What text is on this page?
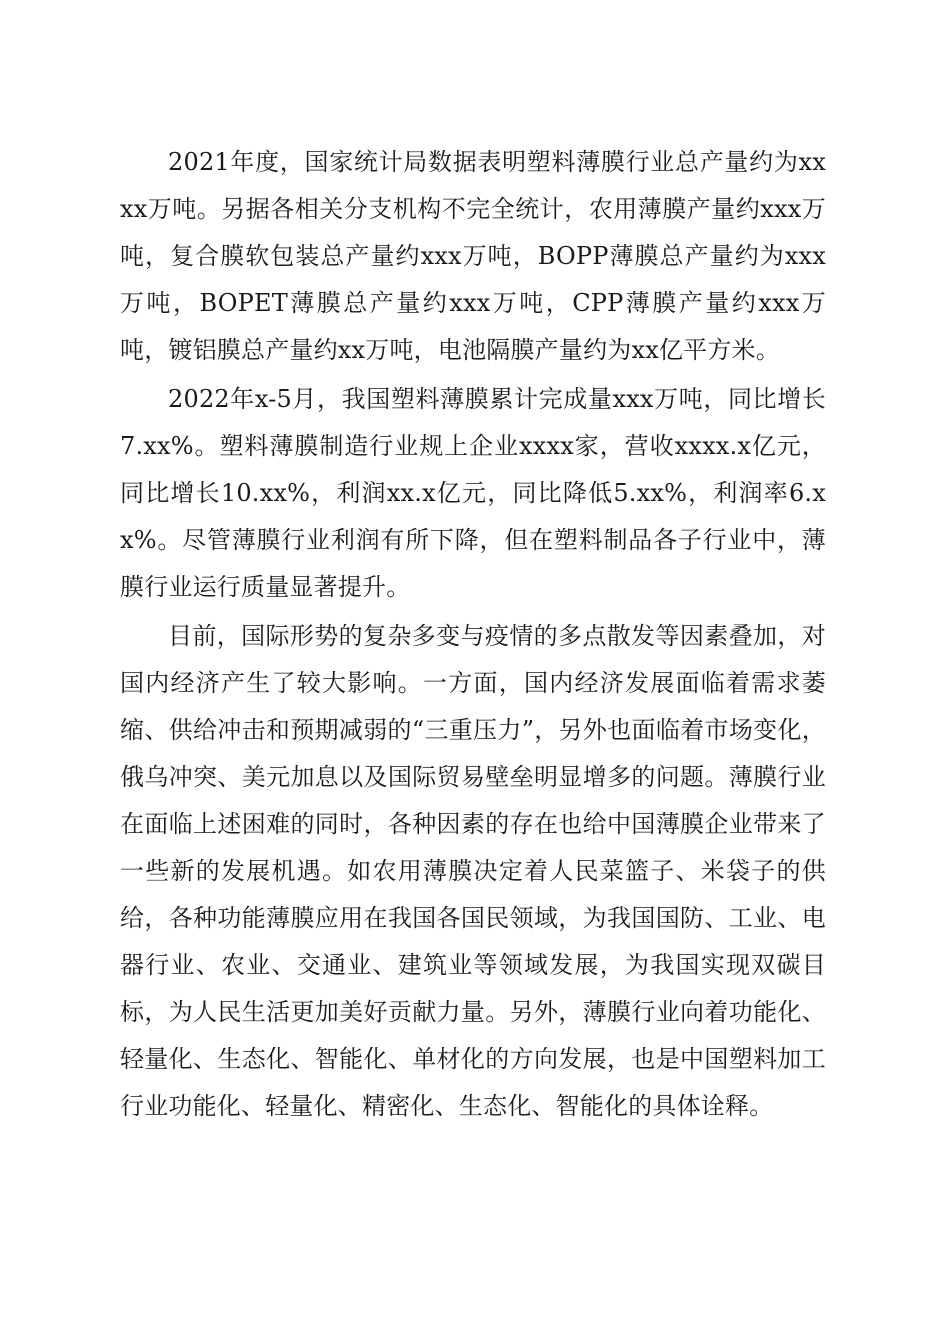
2021年度，国家统计局数据表明塑料薄膜行业总产量约为xxxx万吨。另据各相关分支机构不完全统计，农用薄膜产量约xxx万吨，复合膜软包装总产量约xxx万吨，BOPP薄膜总产量约为xxx万吨，BOPET薄膜总产量约xxx万吨，CPP薄膜产量约xxx万吨，镀铝膜总产量约xx万吨，电池隔膜产量约为xx亿平方米。

2022年x-5月，我国塑料薄膜累计完成量xxx万吨，同比增长7.xx%。塑料薄膜制造行业规上企业xxxx家，营收xxxx.x亿元，同比增长10.xx%，利润xx.x亿元，同比降低5.xx%，利润率6.xx%。尽管薄膜行业利润有所下降，但在塑料制品各子行业中，薄膜行业运行质量显著提升。

目前，国际形势的复杂多变与疫情的多点散发等因素叠加，对国内经济产生了较大影响。一方面，国内经济发展面临着需求萎缩、供给冲击和预期减弱的“三重压力”，另外也面临着市场变化，俄乌冲突、美元加息以及国际贸易壁垒明显增多的问题。薄膜行业在面临上述困难的同时，各种因素的存在也给中国薄膜企业带来了一些新的发展机遇。如农用薄膜决定着人民菜篮子、米袋子的供给，各种功能薄膜应用在我国各国民领域，为我国国防、工业、电器行业、农业、交通业、建筑业等领域发展，为我国实现双碳目标，为人民生活更加美好贡献力量。另外，薄膜行业向着功能化、轻量化、生态化、智能化、单材化的方向发展，也是中国塑料加工行业功能化、轻量化、精密化、生态化、智能化的具体诠释。
